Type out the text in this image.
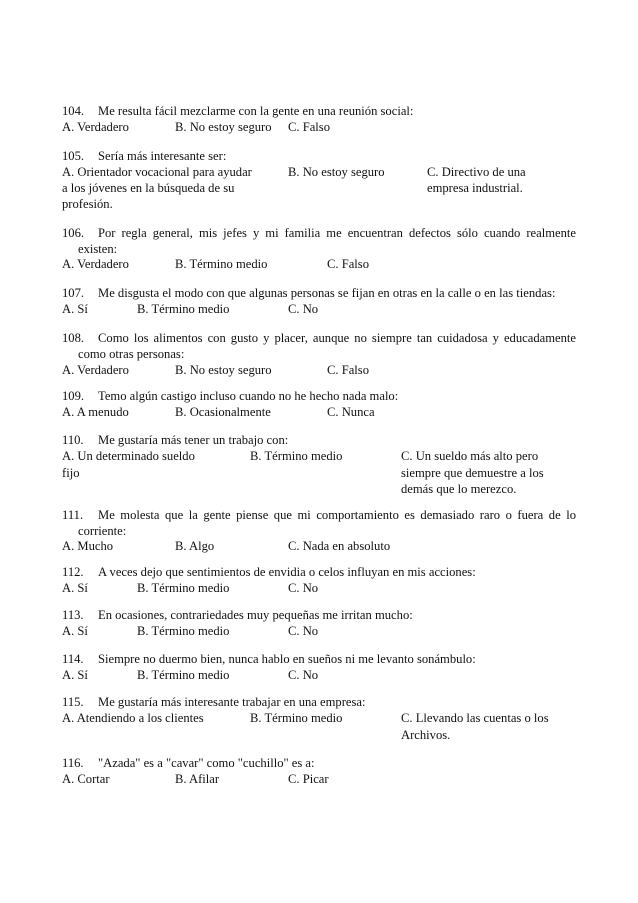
104. Me resulta fácil mezclarme con la gente en una reunión social:
A. Verdadero	B. No estoy seguro C. Falso
105. Sería más interesante ser:
A. Orientador vocacional para ayudar
a los jóvenes en la búsqueda de su
profesión.
B. No estoy seguro	C. Directivo de una
empresa industrial.
106. Por regla general, mis jefes y mi familia me encuentran defectos sólo cuando realmente
existen:
A. Verdadero	B. Término medio	C. Falso
107. Me disgusta el modo con que algunas personas se fijan en otras en la calle o en las tiendas:
A. Sí	B. Término medio	C. No
108. Como los alimentos con gusto y placer, aunque no siempre tan cuidadosa y educadamente
como otras personas:
A. Verdadero	B. No estoy seguro	C. Falso
109. Temo algún castigo incluso cuando no he hecho nada malo:
A. A menudo	B. Ocasionalmente	C. Nunca
110. Me gustaría más tener un trabajo con:
A. Un determinado sueldo
fijo
B. Término medio	C. Un sueldo más alto pero
siempre que demuestre a los
demás que lo merezco.
111. Me molesta que la gente piense que mi comportamiento es demasiado raro o fuera de lo
corriente:
A. Mucho	B. Algo	C. Nada en absoluto
112. A veces dejo que sentimientos de envidia o celos influyan en mis acciones:
A. Sí	B. Término medio	C. No
113. En ocasiones, contrariedades muy pequeñas me irritan mucho:
A. Sí	B. Término medio	C. No
114. Siempre no duermo bien, nunca hablo en sueños ni me levanto sonámbulo:
A. Sí	B. Término medio	C. No
115. Me gustaría más interesante trabajar en una empresa:
A. Atendiendo a los clientes	B. Término medio	C. Llevando las cuentas o los
Archivos.
116. "Azada" es a "cavar" como "cuchillo" es a:
A. Cortar	B. Afilar	C. Picar
